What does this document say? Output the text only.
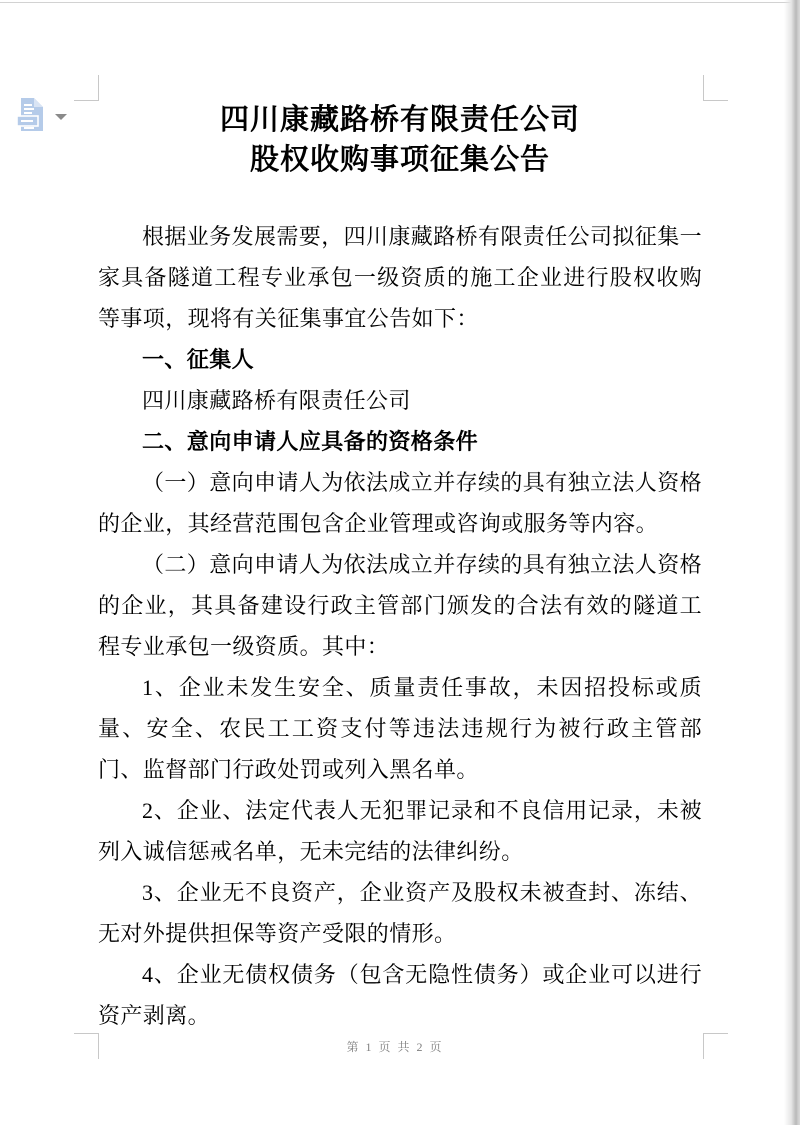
四川康藏路桥有限责任公司
股权收购事项征集公告

根据业务发展需要，四川康藏路桥有限责任公司拟征集一家具备隧道工程专业承包一级资质的施工企业进行股权收购等事项，现将有关征集事宜公告如下：

一、征集人

四川康藏路桥有限责任公司

二、意向申请人应具备的资格条件

（一）意向申请人为依法成立并存续的具有独立法人资格的企业，其经营范围包含企业管理或咨询或服务等内容。

（二）意向申请人为依法成立并存续的具有独立法人资格的企业，其具备建设行政主管部门颁发的合法有效的隧道工程专业承包一级资质。其中：

1、企业未发生安全、质量责任事故，未因招投标或质量、安全、农民工工资支付等违法违规行为被行政主管部门、监督部门行政处罚或列入黑名单。

2、企业、法定代表人无犯罪记录和不良信用记录，未被列入诚信惩戒名单，无未完结的法律纠纷。

3、企业无不良资产，企业资产及股权未被查封、冻结、无对外提供担保等资产受限的情形。

4、企业无债权债务（包含无隐性债务）或企业可以进行资产剥离。

第 1 页 共 2 页
